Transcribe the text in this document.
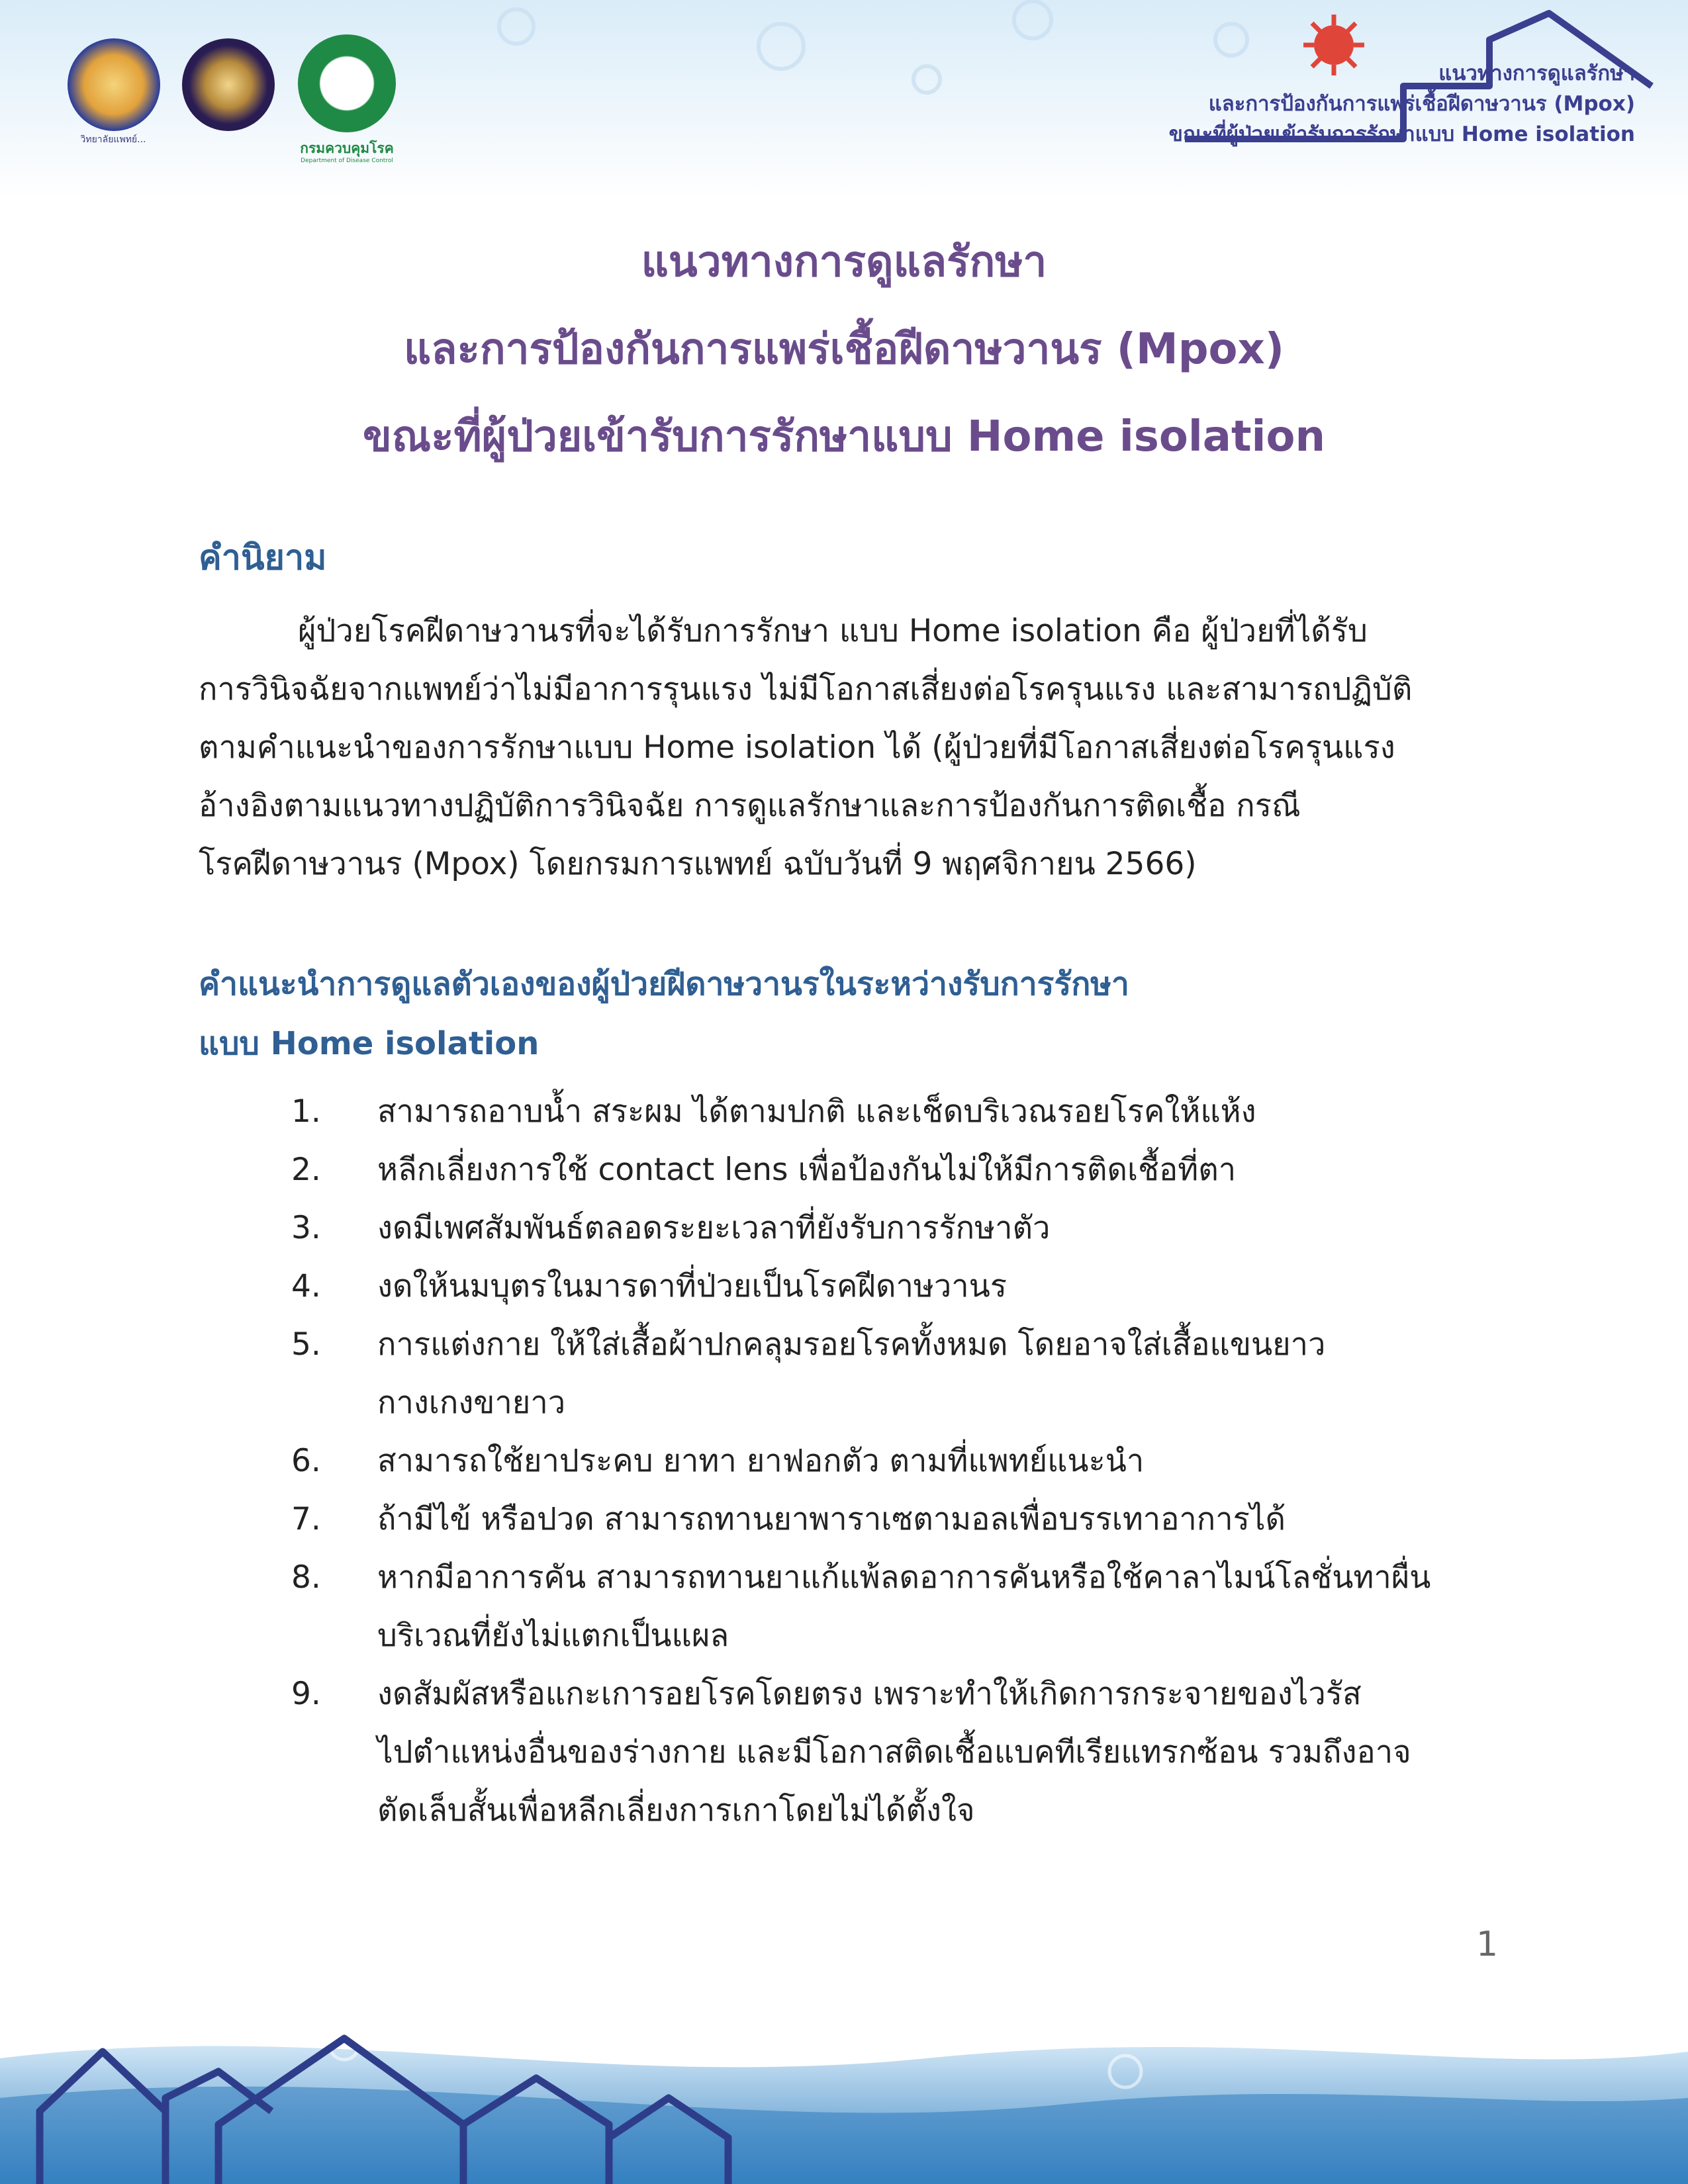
วิทยาลัยแพทย์...
กรมควบคุมโรค
Department of Disease Control
แนวทางการดูแลรักษา
และการป้องกันการแพร่เชื้อฝีดาษวานร (Mpox)
ขณะที่ผู้ป่วยเข้ารับการรักษาแบบ Home isolation
แนวทางการดูแลรักษา
และการป้องกันการแพร่เชื้อฝีดาษวานร (Mpox)
ขณะที่ผู้ป่วยเข้ารับการรักษาแบบ Home isolation
คำนิยาม
ผู้ป่วยโรคฝีดาษวานรที่จะได้รับการรักษา แบบ Home isolation คือ ผู้ป่วยที่ได้รับ
การวินิจฉัยจากแพทย์ว่าไม่มีอาการรุนแรง ไม่มีโอกาสเสี่ยงต่อโรครุนแรง และสามารถปฏิบัติ
ตามคำแนะนำของการรักษาแบบ Home isolation ได้ (ผู้ป่วยที่มีโอกาสเสี่ยงต่อโรครุนแรง
อ้างอิงตามแนวทางปฏิบัติการวินิจฉัย การดูแลรักษาและการป้องกันการติดเชื้อ กรณี
โรคฝีดาษวานร (Mpox) โดยกรมการแพทย์ ฉบับวันที่ 9 พฤศจิกายน 2566)
คำแนะนำการดูแลตัวเองของผู้ป่วยฝีดาษวานรในระหว่างรับการรักษา
แบบ Home isolation
1.	สามารถอาบน้ำ สระผม ได้ตามปกติ และเช็ดบริเวณรอยโรคให้แห้ง
2.	หลีกเลี่ยงการใช้ contact lens เพื่อป้องกันไม่ให้มีการติดเชื้อที่ตา
3.	งดมีเพศสัมพันธ์ตลอดระยะเวลาที่ยังรับการรักษาตัว
4.	งดให้นมบุตรในมารดาที่ป่วยเป็นโรคฝีดาษวานร
5.	การแต่งกาย ให้ใส่เสื้อผ้าปกคลุมรอยโรคทั้งหมด โดยอาจใส่เสื้อแขนยาว
กางเกงขายาว
6.	สามารถใช้ยาประคบ ยาทา ยาฟอกตัว ตามที่แพทย์แนะนำ
7.	ถ้ามีไข้ หรือปวด สามารถทานยาพาราเซตามอลเพื่อบรรเทาอาการได้
8.	หากมีอาการคัน สามารถทานยาแก้แพ้ลดอาการคันหรือใช้คาลาไมน์โลชั่นทาผื่น
บริเวณที่ยังไม่แตกเป็นแผล
9.	งดสัมผัสหรือแกะเการอยโรคโดยตรง เพราะทำให้เกิดการกระจายของไวรัส
ไปตำแหน่งอื่นของร่างกาย และมีโอกาสติดเชื้อแบคทีเรียแทรกซ้อน รวมถึงอาจ
ตัดเล็บสั้นเพื่อหลีกเลี่ยงการเกาโดยไม่ได้ตั้งใจ
1
